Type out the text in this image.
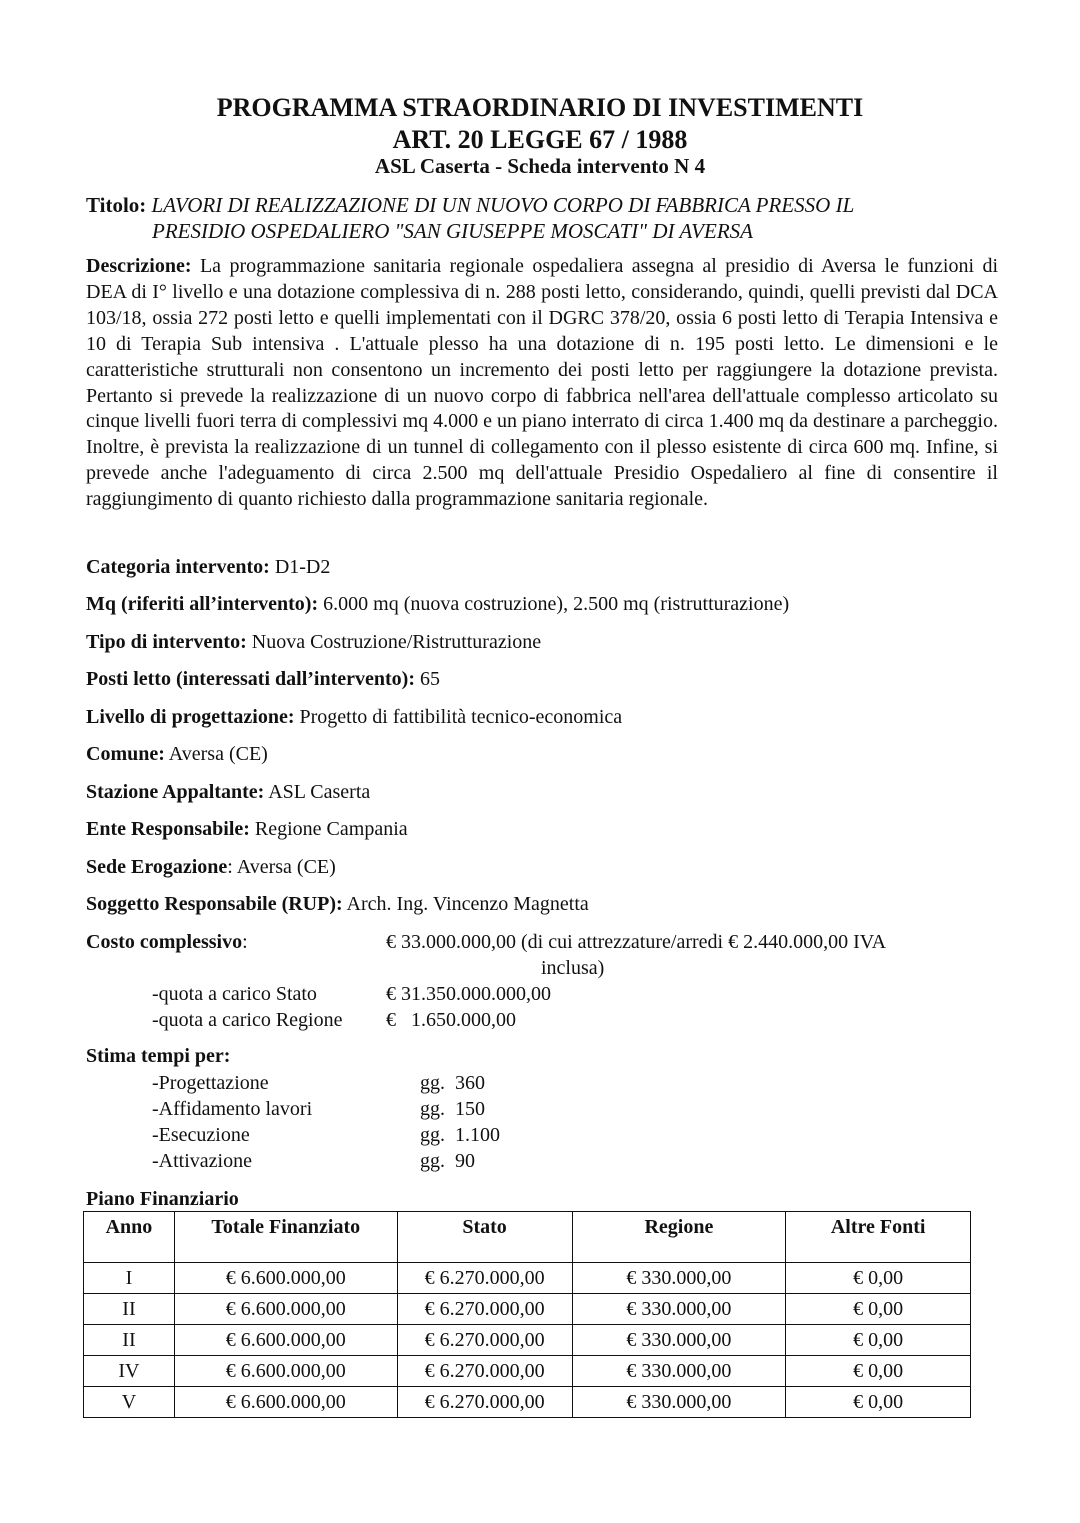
PROGRAMMA STRAORDINARIO DI INVESTIMENTI
ART. 20 LEGGE 67 / 1988
ASL Caserta - Scheda intervento N 4
Titolo: LAVORI DI REALIZZAZIONE DI UN NUOVO CORPO DI FABBRICA PRESSO IL
PRESIDIO OSPEDALIERO "SAN GIUSEPPE MOSCATI" DI AVERSA

Descrizione: La programmazione sanitaria regionale ospedaliera assegna al presidio di Aversa le funzioni di DEA di I° livello e una dotazione complessiva di n. 288 posti letto, considerando, quindi, quelli previsti dal DCA 103/18, ossia 272 posti letto e quelli implementati con il DGRC 378/20, ossia 6 posti letto di Terapia Intensiva e 10 di Terapia Sub intensiva . L'attuale plesso ha una dotazione di n. 195 posti letto. Le dimensioni e le caratteristiche strutturali non consentono un incremento dei posti letto per raggiungere la dotazione prevista. Pertanto si prevede la realizzazione di un nuovo corpo di fabbrica nell'area dell'attuale complesso articolato su cinque livelli fuori terra di complessivi mq 4.000 e un piano interrato di circa 1.400 mq da destinare a parcheggio.

Inoltre, è prevista la realizzazione di un tunnel di collegamento con il plesso esistente di circa 600 mq. Infine, si prevede anche l'adeguamento di circa 2.500 mq dell'attuale Presidio Ospedaliero al fine di consentire il raggiungimento di quanto richiesto dalla programmazione sanitaria regionale.

Categoria intervento: D1-D2
Mq (riferiti all’intervento): 6.000 mq (nuova costruzione), 2.500 mq (ristrutturazione)
Tipo di intervento: Nuova Costruzione/Ristrutturazione
Posti letto (interessati dall’intervento): 65
Livello di progettazione: Progetto di fattibilità tecnico-economica
Comune: Aversa (CE)
Stazione Appaltante: ASL Caserta
Ente Responsabile: Regione Campania
Sede Erogazione: Aversa (CE)
Soggetto Responsabile (RUP): Arch. Ing. Vincenzo Magnetta
Costo complessivo:	€ 33.000.000,00 (di cui attrezzature/arredi € 2.440.000,00 IVA
inclusa)
-quota a carico Stato	€ 31.350.000.000,00
-quota a carico Regione €   1.650.000,00
Stima tempi per:
-Progettazione	gg.  360
-Affidamento lavori	gg.  150
-Esecuzione	gg.  1.100
-Attivazione	gg.  90
Piano Finanziario
Anno	Totale Finanziato	Stato	Regione	Altre Fonti
I	€ 6.600.000,00	€ 6.270.000,00	€ 330.000,00	€ 0,00
II	€ 6.600.000,00	€ 6.270.000,00	€ 330.000,00	€ 0,00
II	€ 6.600.000,00	€ 6.270.000,00	€ 330.000,00	€ 0,00
IV	€ 6.600.000,00	€ 6.270.000,00	€ 330.000,00	€ 0,00
V	€ 6.600.000,00	€ 6.270.000,00	€ 330.000,00	€ 0,00
